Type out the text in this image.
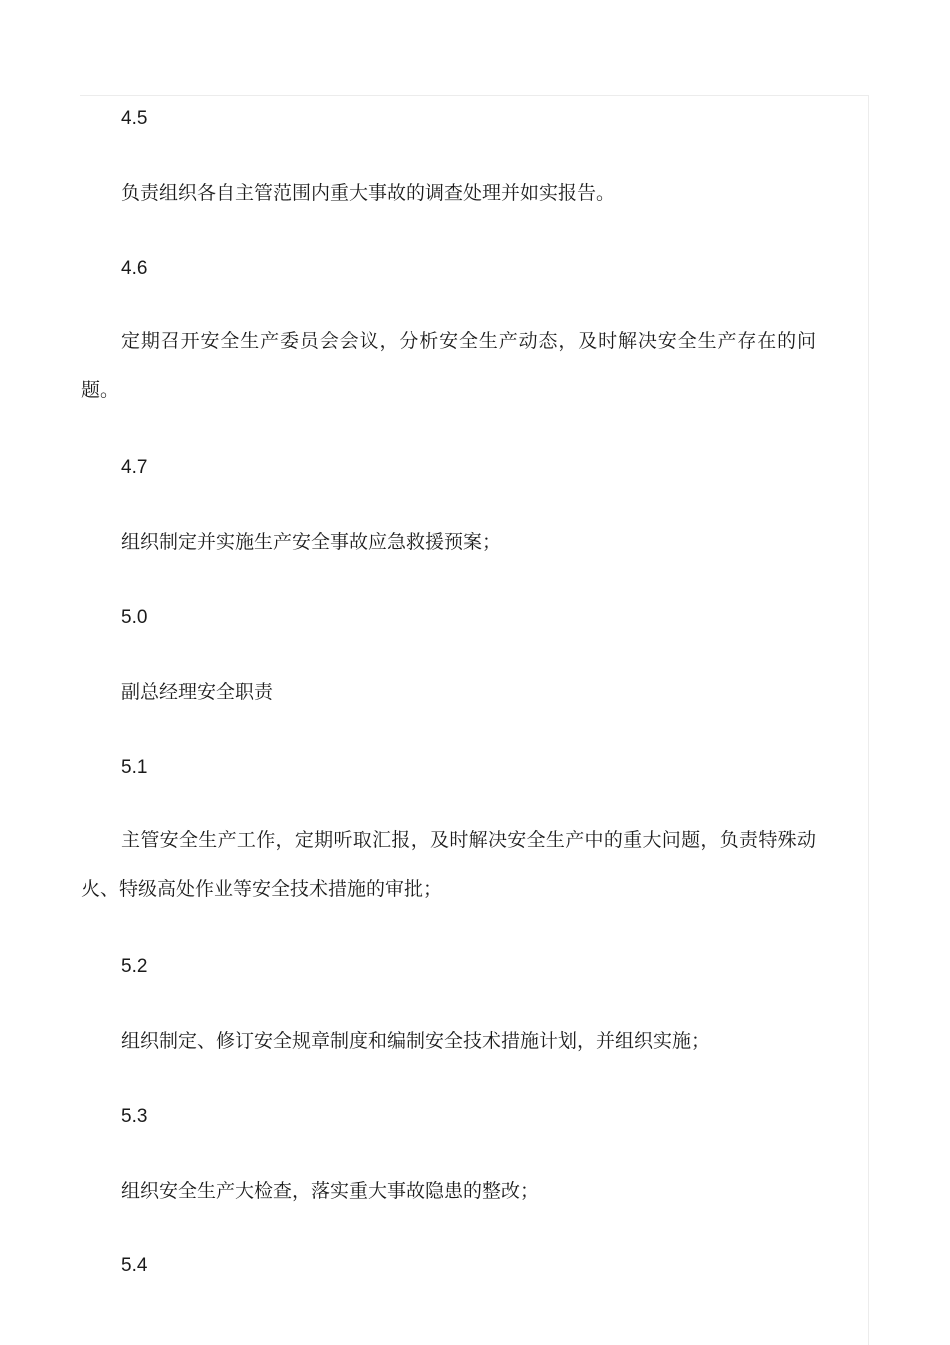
4.5
负责组织各自主管范围内重大事故的调查处理并如实报告。
4.6
定期召开安全生产委员会会议，分析安全生产动态，及时解决安全生产存在的问题。
4.7
组织制定并实施生产安全事故应急救援预案；
5.0
副总经理安全职责
5.1
主管安全生产工作，定期听取汇报，及时解决安全生产中的重大问题，负责特殊动火、特级高处作业等安全技术措施的审批；
5.2
组织制定、修订安全规章制度和编制安全技术措施计划，并组织实施；
5.3
组织安全生产大检查，落实重大事故隐患的整改；
5.4
